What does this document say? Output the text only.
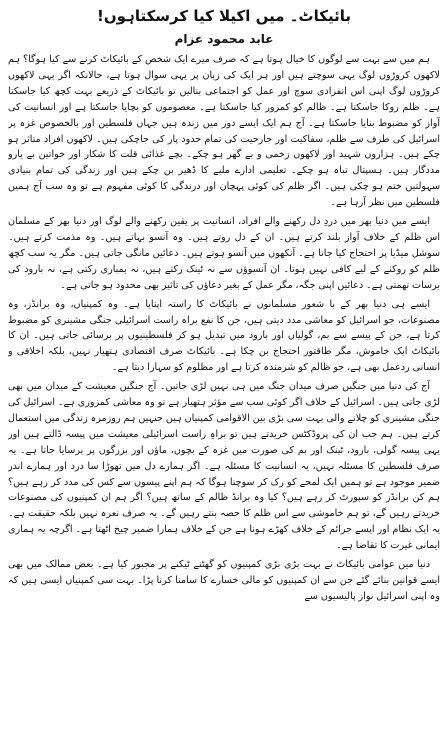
بائیکاٹ۔ میں اکیلا کیا کرسکتاہوں!
عابد محمود عزام

ہم میں سے بہت سے لوگوں کا خیال ہوتا ہے کہ صرف میرے ایک شخص کے بائیکاٹ کرنے سے کیا ہوگا؟ ہم لاکھوں کروڑوں لوگ یہی سوچتے ہیں اور ہر ایک کی زبان پر یہی سوال ہوتا ہے، حالانکہ اگر یہی لاکھوں کروڑوں لوگ اپنی اس انفرادی سوچ اور عمل کو اجتماعی بنالیں تو بائیکاٹ کے ذریعے بہت کچھ کیا جاسکتا ہے۔ ظلم روکا جاسکتا ہے۔ ظالم کو کمزور کیا جاسکتا ہے۔ معصوموں کو بچایا جاسکتا ہے اور انسانیت کی آواز کو مضبوط بنایا جاسکتا ہے۔ آج ہم ایک ایسے دور میں زندہ ہیں جہاں فلسطین اور بالخصوص غزہ پر اسرائیل کی طرف سے ظلم، سفاکیت اور جارحیت کی تمام حدود پار کی جاچکی ہیں۔ لاکھوں افراد متاثر ہو چکے ہیں۔ ہزاروں شہید اور لاکھوں زخمی و بے گھر ہو چکے۔ بچے غذائی قلت کا شکار اور خواتین بے یارو مددگار ہیں۔ ہسپتال تباہ ہو چکے۔ تعلیمی ادارے ملبے کا ڈھیر بن چکے ہیں اور زندگی کی تمام بنیادی سہولتیں ختم ہو چکی ہیں۔ اگر ظلم کی کوئی پہچان اور درندگی کا کوئی مفہوم ہے تو وہ سب آج ہمیں فلسطین میں نظر آرہا ہے۔

ایسے میں دنیا بھر میں دردِ دل رکھنے والے افراد، انسانیت پر یقین رکھنے والے لوگ اور دنیا بھر کے مسلمان اس ظلم کے خلاف آواز بلند کرتے ہیں۔ ان کے دل روتے ہیں۔ وہ آنسو بہاتے ہیں۔ وہ مذمت کرتے ہیں۔ سوشل میڈیا پر احتجاج کیا جاتا ہے۔ آنکھوں میں آنسو ہوتے ہیں۔ دعائیں مانگی جاتی ہیں۔ مگر یہ سب کچھ ظلم کو روکنے کے لیے کافی نہیں ہوتا۔ ان آنسوؤں سے نہ ٹینک رکتے ہیں، نہ بمباری رکتی ہے، نہ بارود کی برسات تھمتی ہے۔ دعائیں اپنی جگہ، مگر عمل کے بغیر دعاؤں کی تاثیر بھی محدود ہو جاتی ہے۔

ایسے ہی دنیا بھر کے با شعور مسلمانوں نے بائیکاٹ کا راستہ اپنایا ہے۔ وہ کمپنیاں، وہ برانڈز، وہ مصنوعات، جو اسرائیل کو معاشی مدد دیتی ہیں، جن کا نفع براہ راست اسرائیلی جنگی مشینری کو مضبوط کرتا ہے، جن کے پیسے سے بم، گولیاں اور بارود میں تبدیل ہو کر فلسطینیوں پر برسائی جاتی ہیں۔ ان کا بائیکاٹ ایک خاموش، مگر طاقتور احتجاج بن چکا ہے۔ بائیکاٹ صرف اقتصادی ہتھیار نہیں، بلکہ اخلاقی و انسانی ردعمل بھی ہے، جو ظالم کو شرمندہ کرتا ہے اور مظلوم کو سہارا دیتا ہے۔

آج کی دنیا میں جنگیں صرف میدان جنگ میں ہی نہیں لڑی جاتیں۔ آج جنگیں معیشت کے میدان میں بھی لڑی جاتی ہیں۔ اسرائیل کے خلاف اگر کوئی سب سے مؤثر ہتھیار ہے تو وہ معاشی کمزوری ہے۔ اسرائیل کی جنگی مشینری کو چلانے والی بہت سی بڑی بین الاقوامی کمپنیاں ہیں جنہیں ہم روزمرہ زندگی میں استعمال کرتے ہیں۔ ہم جب ان کی پروڈکٹس خریدتے ہیں تو براہِ راست اسرائیلی معیشت میں پیسہ ڈالتے ہیں اور یہی پیسہ گولی، بارود، ٹینک اور بم کی صورت میں غزہ کے بچوں، ماؤں اور بزرگوں پر برسایا جاتا ہے۔ یہ صرف فلسطین کا مسئلہ نہیں، یہ انسانیت کا مسئلہ ہے۔ اگر ہمارے دل میں تھوڑا سا درد اور ہمارے اندر ضمیر موجود ہے تو ہمیں ایک لمحے کو رک کر سوچنا ہوگا کہ ہم اپنے پیسوں سے کس کی مدد کر رہے ہیں؟ ہم کن برانڈز کو سپورٹ کر رہے ہیں؟ کیا وہ برانڈ ظالم کے ساتھ ہیں؟ اگر ہم ان کمپنیوں کی مصنوعات خریدتے رہیں گے، تو ہم خاموشی سے اس ظلم کا حصہ بنتے رہیں گے۔ یہ صرف نعرہ نہیں بلکہ حقیقت ہے۔ یہ ایک نظام اور ایسے جرائم کے خلاف کھڑے ہونا ہے جن کے خلاف ہمارا ضمیر چیخ اٹھتا ہے۔ اگرچہ یہ ہماری ایمانی غیرت کا تقاضا ہے۔

دنیا میں عوامی بائیکاٹ نے بہت بڑی بڑی کمپنیوں کو گھٹنے ٹیکنے پر مجبور کیا ہے۔ بعض ممالک میں بھی ایسے قوانین بنائے گئے جن سے ان کمپنیوں کو مالی خسارے کا سامنا کرنا پڑا۔ بہت سی کمپنیاں ایسی ہیں کہ وہ اپنی اسرائیل نواز پالیسیوں سے
